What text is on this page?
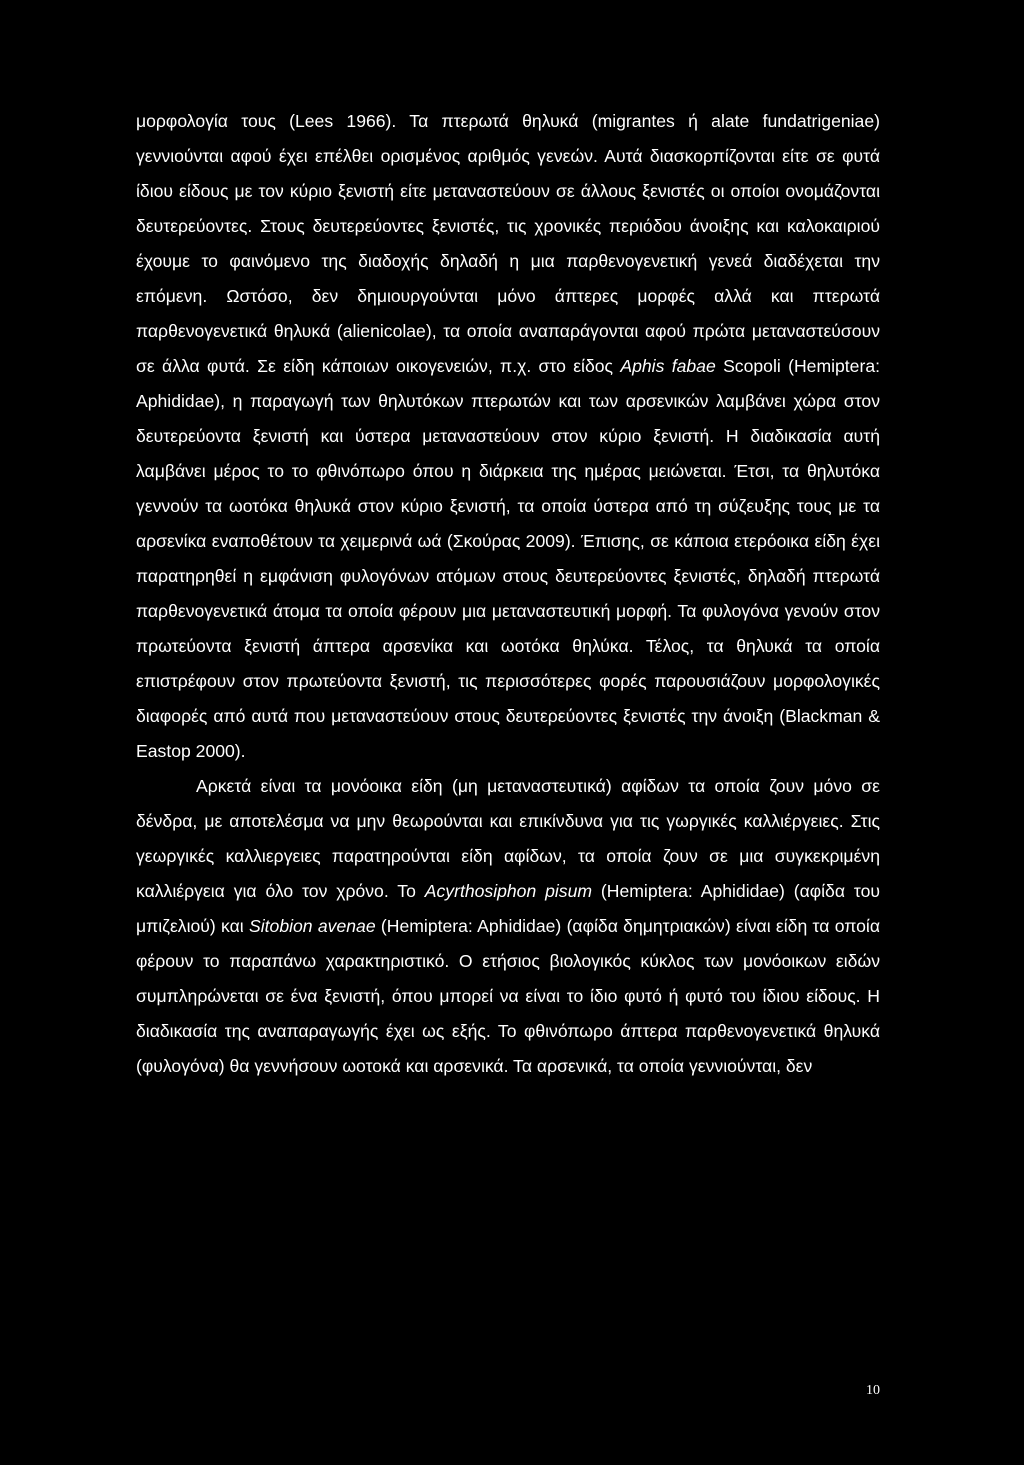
μορφολογία τους (Lees 1966). Τα πτερωτά θηλυκά (migrantes ή alate fundatrigeniae) γεννιούνται αφού έχει επέλθει ορισμένος αριθμός γενεών. Αυτά διασκορπίζονται είτε σε φυτά ίδιου είδους με τον κύριο ξενιστή είτε μεταναστεύουν σε άλλους ξενιστές οι οποίοι ονομάζονται δευτερεύοντες. Στους δευτερεύοντες ξενιστές, τις χρονικές περιόδου άνοιξης και καλοκαιριού έχουμε το φαινόμενο της διαδοχής δηλαδή η μια παρθενογενετική γενεά διαδέχεται την επόμενη. Ωστόσο, δεν δημιουργούνται μόνο άπτερες μορφές αλλά και πτερωτά παρθενογενετικά θηλυκά (alienicolae), τα οποία αναπαράγονται αφού πρώτα μεταναστεύσουν σε άλλα φυτά. Σε είδη κάποιων οικογενειών, π.χ. στο είδος Aphis fabae Scopoli (Hemiptera: Aphididae), η παραγωγή των θηλυτόκων πτερωτών και των αρσενικών λαμβάνει χώρα στον δευτερεύοντα ξενιστή και ύστερα μεταναστεύουν στον κύριο ξενιστή. Η διαδικασία αυτή λαμβάνει μέρος το το φθινόπωρο όπου η διάρκεια της ημέρας μειώνεται. Έτσι, τα θηλυτόκα γεννούν τα ωοτόκα θηλυκά στον κύριο ξενιστή, τα οποία ύστερα από τη σύζευξης τους με τα αρσενίκα εναποθέτουν τα χειμερινά ωά (Σκούρας 2009). Έπισης, σε κάποια ετερόοικα είδη έχει παρατηρηθεί η εμφάνιση φυλογόνων ατόμων στους δευτερεύοντες ξενιστές, δηλαδή πτερωτά παρθενογενετικά άτομα τα οποία φέρουν μια μεταναστευτική μορφή. Τα φυλογόνα γενούν στον πρωτεύοντα ξενιστή άπτερα αρσενίκα και ωοτόκα θηλύκα. Τέλος, τα θηλυκά τα οποία επιστρέφουν στον πρωτεύοντα ξενιστή, τις περισσότερες φορές παρουσιάζουν μορφολογικές διαφορές από αυτά που μεταναστεύουν στους δευτερεύοντες ξενιστές την άνοιξη (Blackman & Eastop 2000).

Αρκετά είναι τα μονόοικα είδη (μη μεταναστευτικά) αφίδων τα οποία ζουν μόνο σε δένδρα, με αποτελέσμα να μην θεωρούνται και επικίνδυνα για τις γωργικές καλλιέργειες. Στις γεωργικές καλλιεργειες παρατηρούνται είδη αφίδων, τα οποία ζουν σε μια συγκεκριμένη καλλιέργεια για όλο τον χρόνο. Το Acyrthosiphon pisum (Hemiptera: Aphididae) (αφίδα του μπιζελιού) και Sitobion avenae (Hemiptera: Aphididae) (αφίδα δημητριακών) είναι είδη τα οποία φέρουν το παραπάνω χαρακτηριστικό. Ο ετήσιος βιολογικός κύκλος των μονόοικων ειδών συμπληρώνεται σε ένα ξενιστή, όπου μπορεί να είναι το ίδιο φυτό ή φυτό του ίδιου είδους. Η διαδικασία της αναπαραγωγής έχει ως εξής. Το φθινόπωρο άπτερα παρθενογενετικά θηλυκά (φυλογόνα) θα γεννήσουν ωοτοκά και αρσενικά. Τα αρσενικά, τα οποία γεννιούνται, δεν

10
